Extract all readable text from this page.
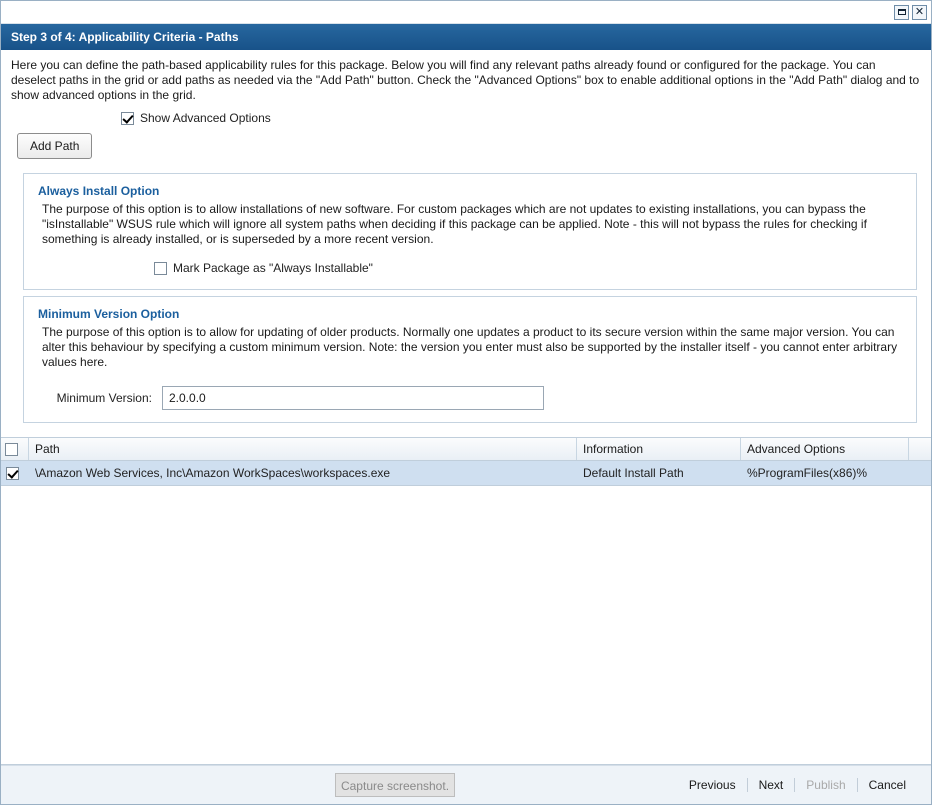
✕
Step 3 of 4: Applicability Criteria - Paths
Here you can define the path-based applicability rules for this package. Below you will find any relevant paths already found or configured for the package. You can deselect paths in the grid or add paths as needed via the "Add Path" button. Check the "Advanced Options" box to enable additional options in the "Add Path" dialog and to show advanced options in the grid.
Show Advanced Options
Add Path
Always Install Option
The purpose of this option is to allow installations of new software. For custom packages which are not updates to existing installations, you can bypass the "isInstallable" WSUS rule which will ignore all system paths when deciding if this package can be applied. Note - this will not bypass the rules for checking if something is already installed, or is superseded by a more recent version.
Mark Package as "Always Installable"
Minimum Version Option
The purpose of this option is to allow for updating of older products. Normally one updates a product to its secure version within the same major version. You can alter this behaviour by specifying a custom minimum version. Note: the version you enter must also be supported by the installer itself - you cannot enter arbitrary values here.
Minimum Version:
2.0.0.0
Path	Information	Advanced Options
\Amazon Web Services, Inc\Amazon WorkSpaces\workspaces.exe	Default Install Path	%ProgramFiles(x86)%
Capture screenshot.	Previous	Next	Publish	Cancel
